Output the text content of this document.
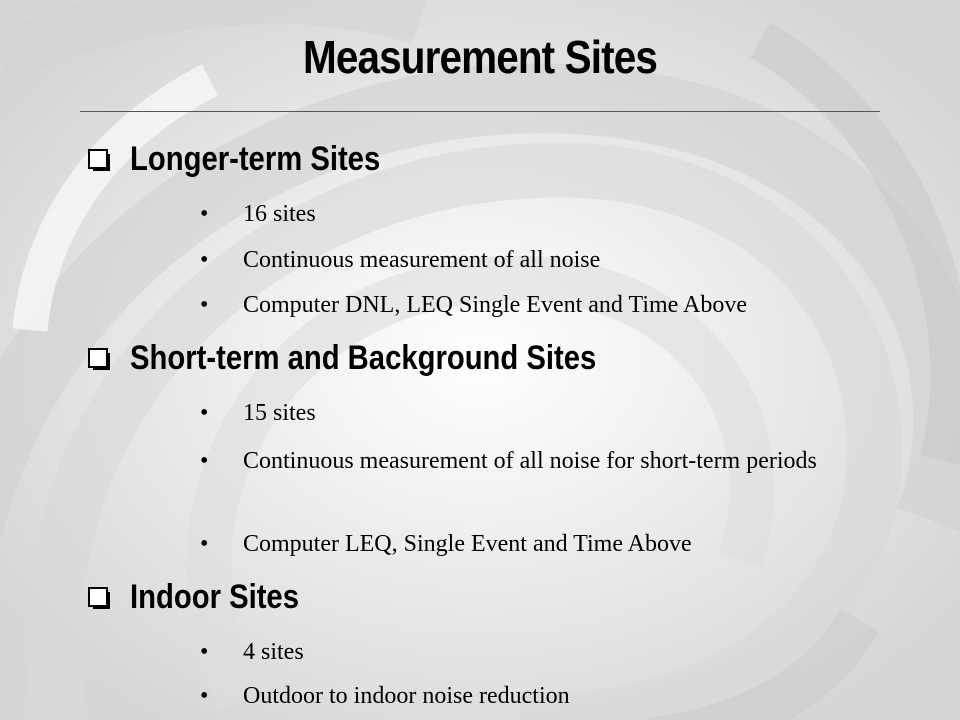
Measurement Sites
Longer-term Sites
•	16 sites
•	Continuous measurement of all noise
•	Computer DNL, LEQ Single Event and Time Above
Short-term and Background Sites
•	15 sites
•	Continuous measurement of all noise for short-term periods
•	Computer LEQ, Single Event and Time Above
Indoor Sites
•	4 sites
•	Outdoor to indoor noise reduction
